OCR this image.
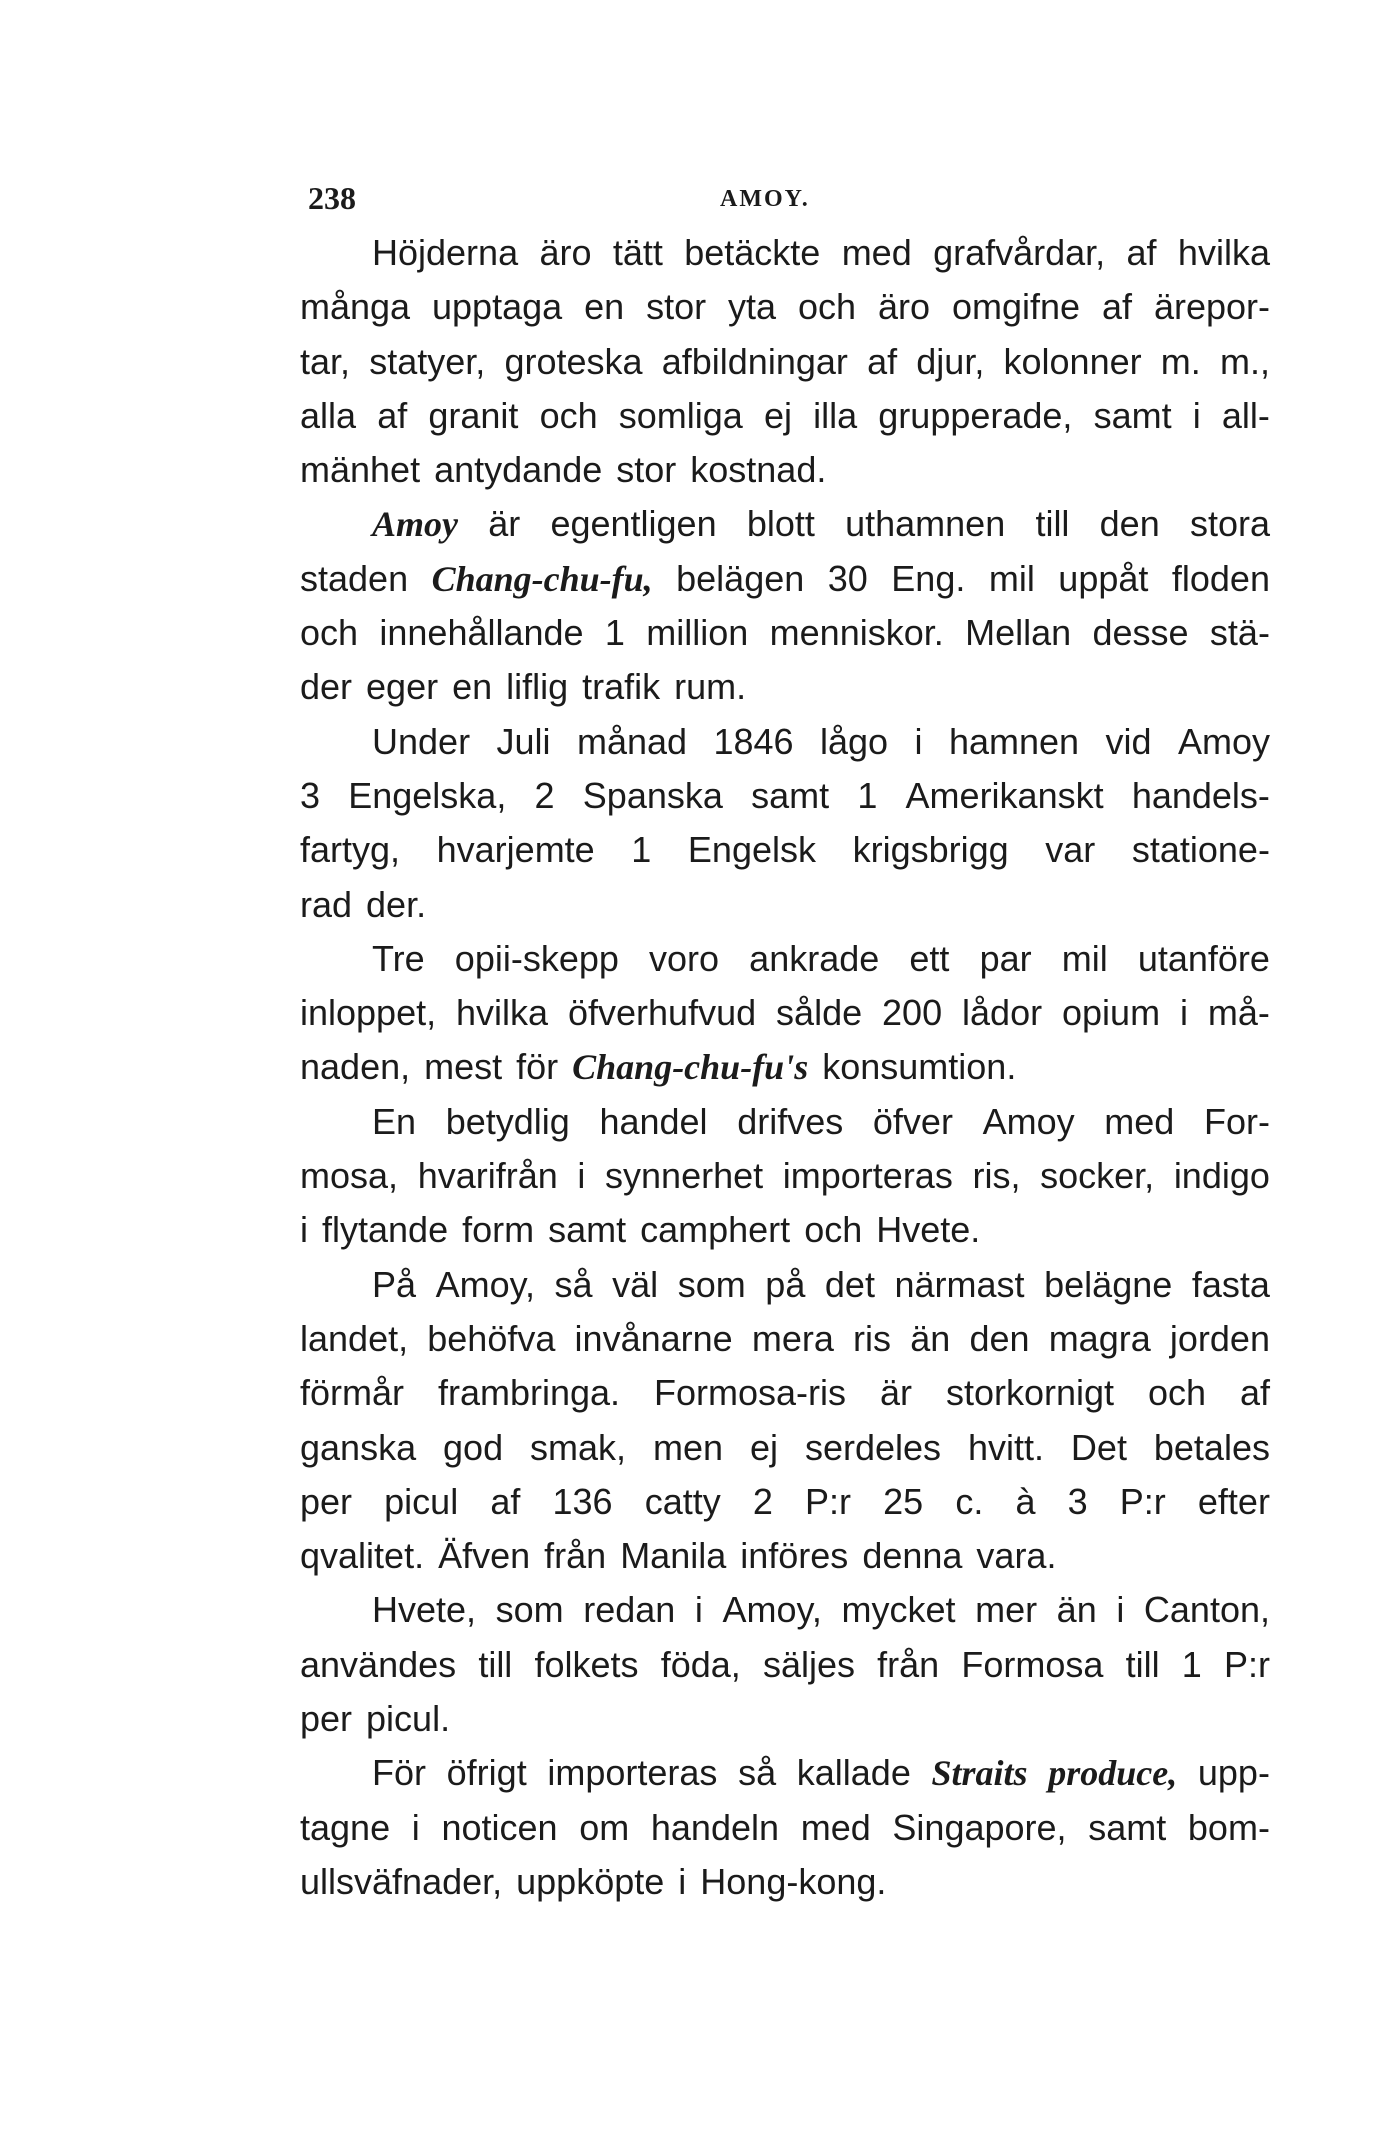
238	AMOY.
Höjderna äro tätt betäckte med grafvårdar, af hvilka
många upptaga en stor yta och äro omgifne af ärepor-
tar, statyer, groteska afbildningar af djur, kolonner m. m.,
alla af granit och somliga ej illa grupperade, samt i all-
mänhet antydande stor kostnad.
Amoy är egentligen blott uthamnen till den stora
staden Chang-chu-fu, belägen 30 Eng. mil uppåt floden
och innehållande 1 million menniskor. Mellan desse stä-
der eger en liflig trafik rum.
Under Juli månad 1846 lågo i hamnen vid Amoy
3 Engelska, 2 Spanska samt 1 Amerikanskt handels-
fartyg, hvarjemte 1 Engelsk krigsbrigg var statione-
rad der.
Tre opii-skepp voro ankrade ett par mil utanföre
inloppet, hvilka öfverhufvud sålde 200 lådor opium i må-
naden, mest för Chang-chu-fu's konsumtion.
En betydlig handel drifves öfver Amoy med For-
mosa, hvarifrån i synnerhet importeras ris, socker, indigo
i flytande form samt camphert och Hvete.
På Amoy, så väl som på det närmast belägne fasta
landet, behöfva invånarne mera ris än den magra jorden
förmår frambringa. Formosa-ris är storkornigt och af
ganska god smak, men ej serdeles hvitt. Det betales
per picul af 136 catty 2 P:r 25 c. à 3 P:r efter
qvalitet. Äfven från Manila införes denna vara.
Hvete, som redan i Amoy, mycket mer än i Canton,
användes till folkets föda, säljes från Formosa till 1 P:r
per picul.
För öfrigt importeras så kallade Straits produce, upp-
tagne i noticen om handeln med Singapore, samt bom-
ullsväfnader, uppköpte i Hong-kong.
